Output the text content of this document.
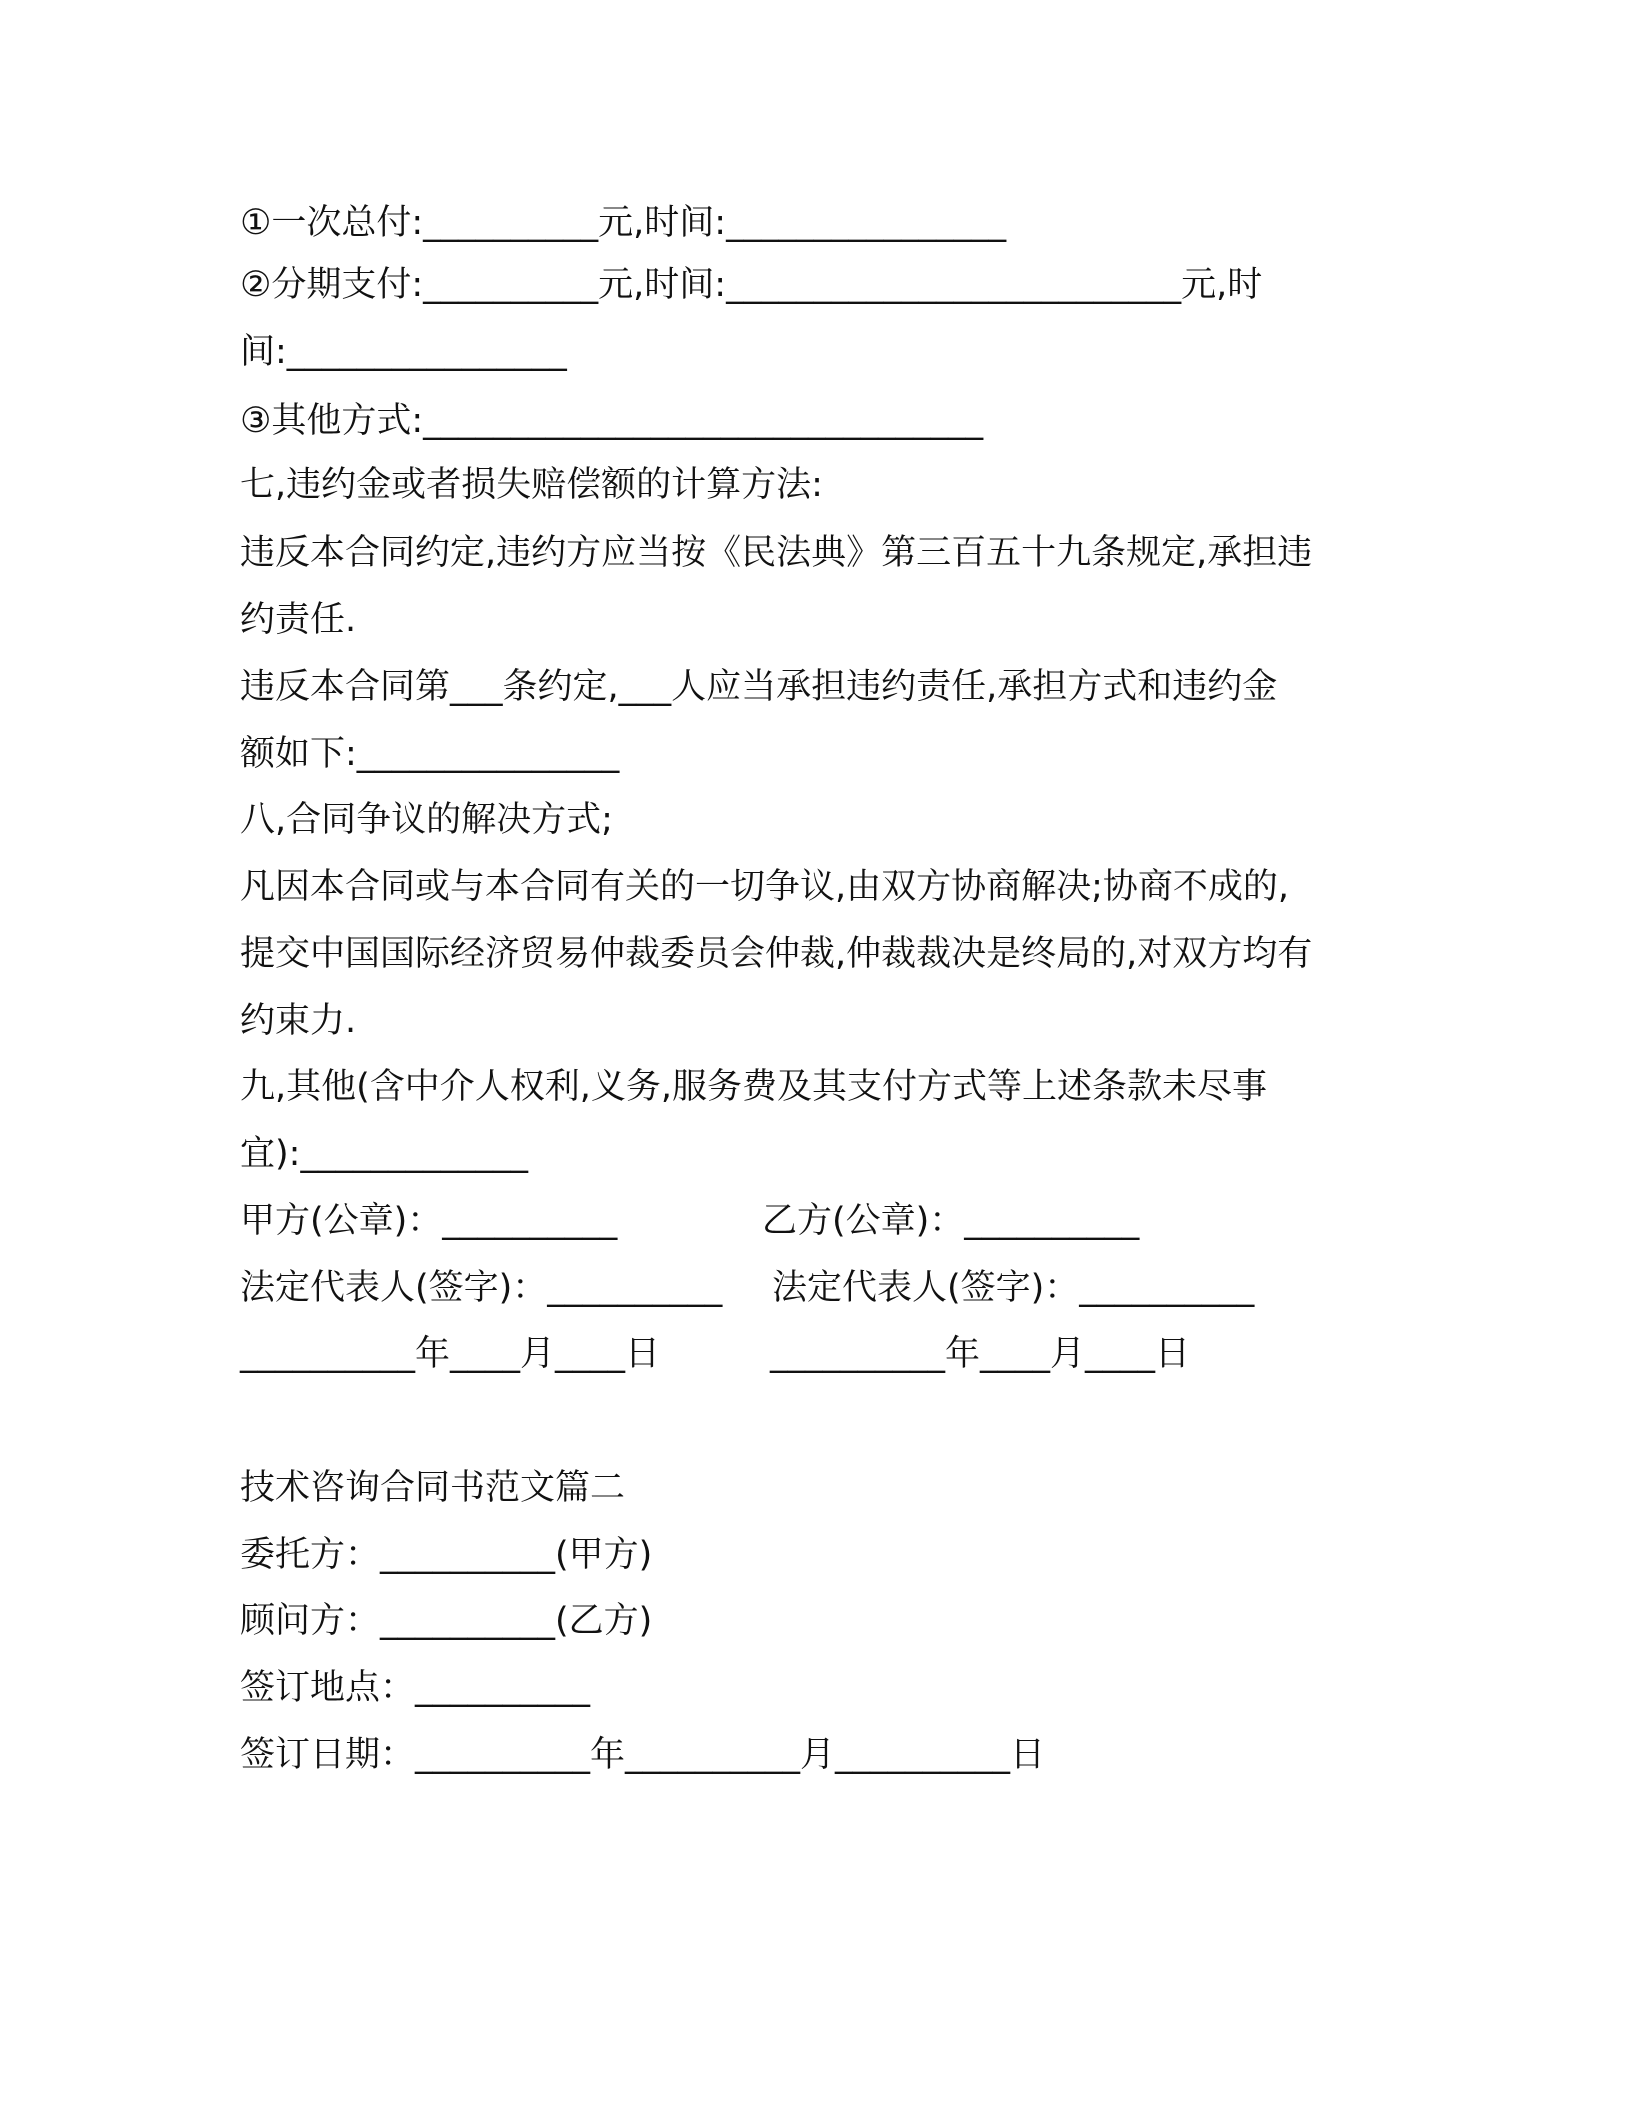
①一次总付:__________元,时间:________________
②分期支付:__________元,时间:__________________________元,时
间:________________
③其他方式:________________________________
七,违约金或者损失赔偿额的计算方法:
违反本合同约定,违约方应当按《民法典》第三百五十九条规定,承担违
约责任.
违反本合同第___条约定,___人应当承担违约责任,承担方式和违约金
额如下:_______________
八,合同争议的解决方式;
凡因本合同或与本合同有关的一切争议,由双方协商解决;协商不成的,
提交中国国际经济贸易仲裁委员会仲裁,仲裁裁决是终局的,对双方均有
约束力.
九,其他(含中介人权利,义务,服务费及其支付方式等上述条款未尽事
宜):_____________
甲方(公章)：__________	乙方(公章)：__________
法定代表人(签字)：__________ 法定代表人(签字)：__________
__________年____月____日	__________年____月____日
技术咨询合同书范文篇二
委托方：__________(甲方)
顾问方：__________(乙方)
签订地点：__________
签订日期：__________年__________月__________日
